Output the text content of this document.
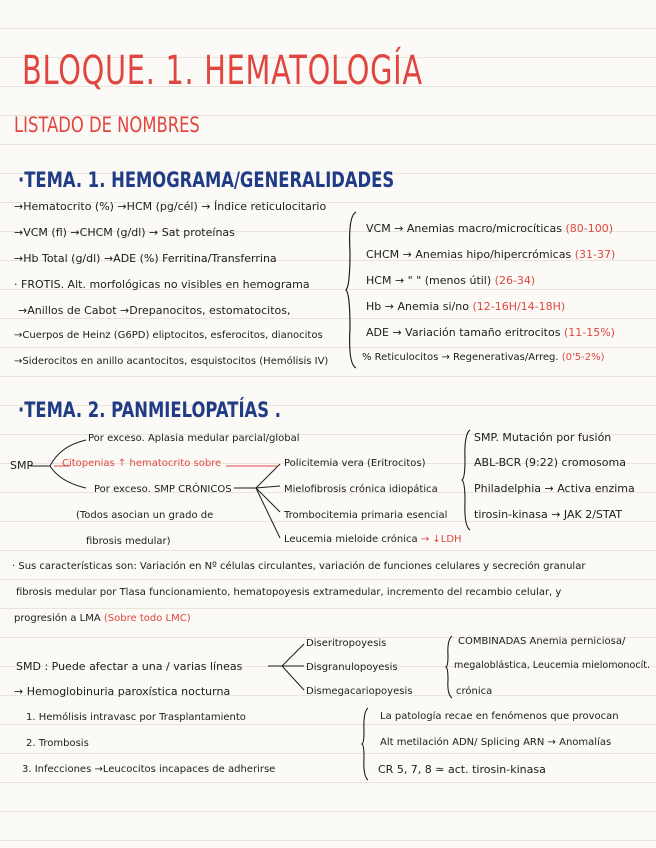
BLOQUE. 1. HEMATOLOGÍA
LISTADO DE NOMBRES
·TEMA. 1. HEMOGRAMA/GENERALIDADES
→Hematocrito (%) →HCM (pg/cél) → Índice reticulocitario
→VCM (fl) →CHCM (g/dl) → Sat proteínas
→Hb Total (g/dl) →ADE (%) Ferritina/Transferrina
· FROTIS. Alt. morfológicas no visibles en hemograma
→Anillos de Cabot →Drepanocitos, estomatocitos,
→Cuerpos de Heinz (G6PD) eliptocitos, esferocitos, dianocitos
→Siderocitos en anillo acantocitos, esquistocitos (Hemólisis IV)
VCM → Anemias macro/microcíticas (80-100)
CHCM → Anemias hipo/hipercrómicas (31-37)
HCM → " " (menos útil) (26-34)
Hb → Anemia si/no (12-16H/14-18H)
ADE → Variación tamaño eritrocitos (11-15%)
% Reticulocitos → Regenerativas/Arreg. (0'5-2%)
·TEMA. 2. PANMIELOPATÍAS .
SMP
Por exceso. Aplasia medular parcial/global
Citopenias ↑ hematocrito sobre
Por exceso. SMP CRÓNICOS
(Todos asocian un grado de
fibrosis medular)
Policitemia vera (Eritrocitos)
Mielofibrosis crónica idiopática
Trombocitemia primaria esencial
Leucemia mieloide crónica → ↓LDH
SMP. Mutación por fusión
ABL-BCR (9:22) cromosoma
Philadelphia → Activa enzima
tirosin-kinasa → JAK 2/STAT
· Sus características son: Variación en Nº células circulantes, variación de funciones celulares y secreción granular
fibrosis medular por Tlasa funcionamiento, hematopoyesis extramedular, incremento del recambio celular, y
progresión a LMA (Sobre todo LMC)
SMD : Puede afectar a una / varias líneas
Diseritropoyesis
Disgranulopoyesis
Dismegacariopoyesis
COMBINADAS Anemia perniciosa/
megaloblástica, Leucemia mielomonocít.
crónica
→ Hemoglobinuria paroxística nocturna
1. Hemólisis intravasc por Trasplantamiento
2. Trombosis
3. Infecciones →Leucocitos incapaces de adherirse
La patología recae en fenómenos que provocan
Alt metilación ADN/ Splicing ARN → Anomalías
CR 5, 7, 8 ≃ act. tirosin-kinasa
